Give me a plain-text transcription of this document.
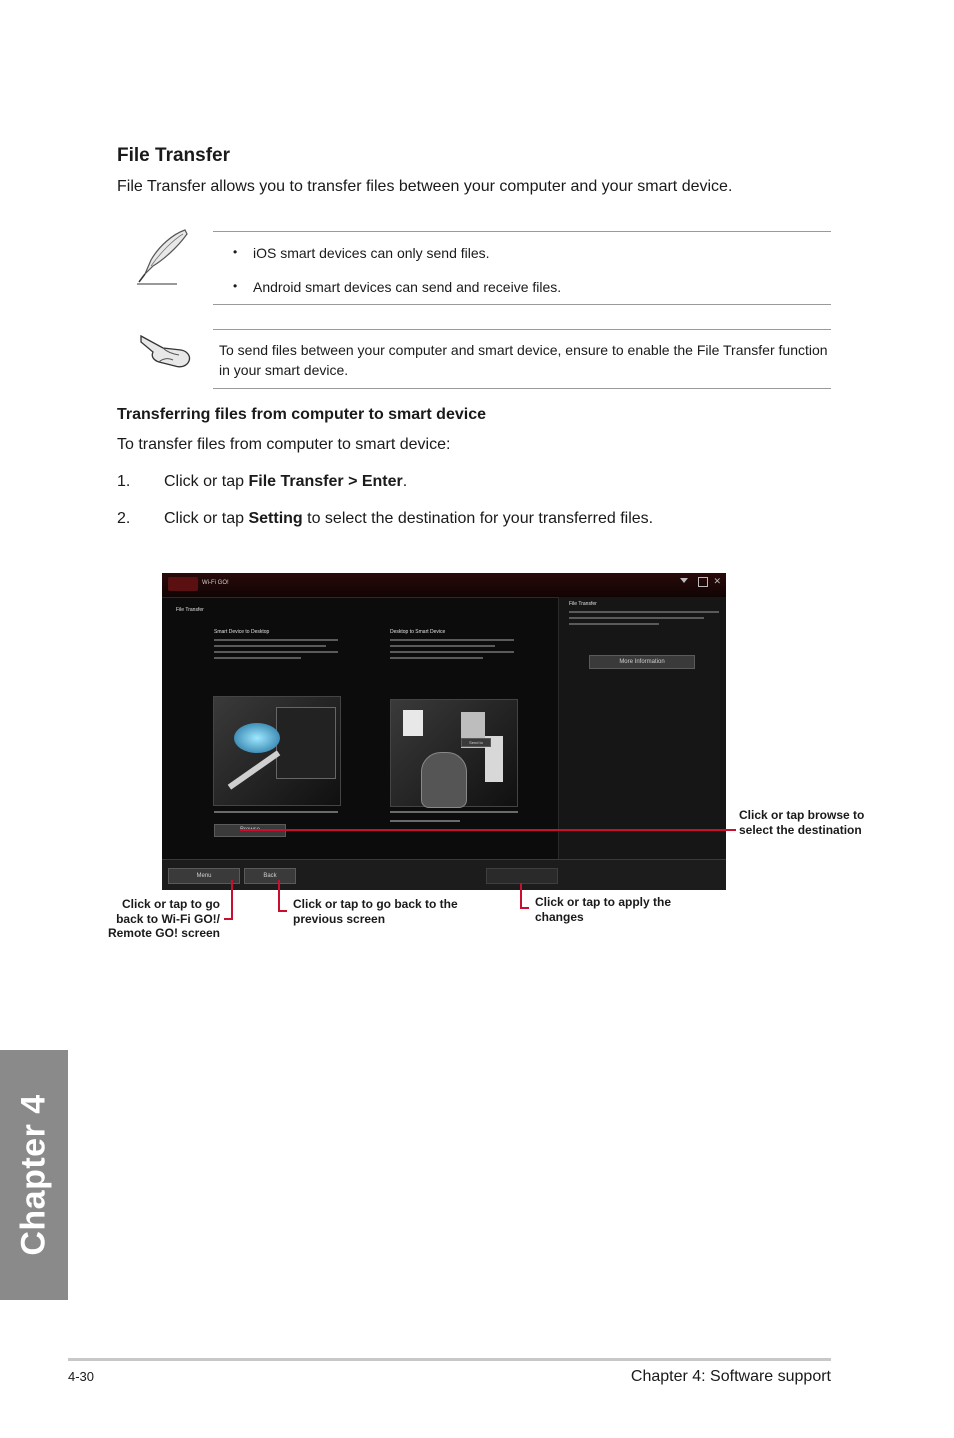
File Transfer
File Transfer allows you to transfer files between your computer and your smart device.
• iOS smart devices can only send files.
• Android smart devices can send and receive files.
To send files between your computer and smart device, ensure to enable the File Transfer function in your smart device.
Transferring files from computer to smart device
To transfer files from computer to smart device:
1. Click or tap File Transfer > Enter.
2. Click or tap Setting to select the destination for your transferred files.
Wi-Fi GO!	✕
File Transfer
Smart Device to Desktop	Desktop to Smart Device
Send to
File Transfer
More Information
Menu	Back
Click or tap browse to select the destination
Click or tap to go back to Wi-Fi GO!/ Remote GO! screen
Click or tap to go back to the previous screen
Click or tap to apply the changes
Chapter 4
4-30	Chapter 4: Software support
